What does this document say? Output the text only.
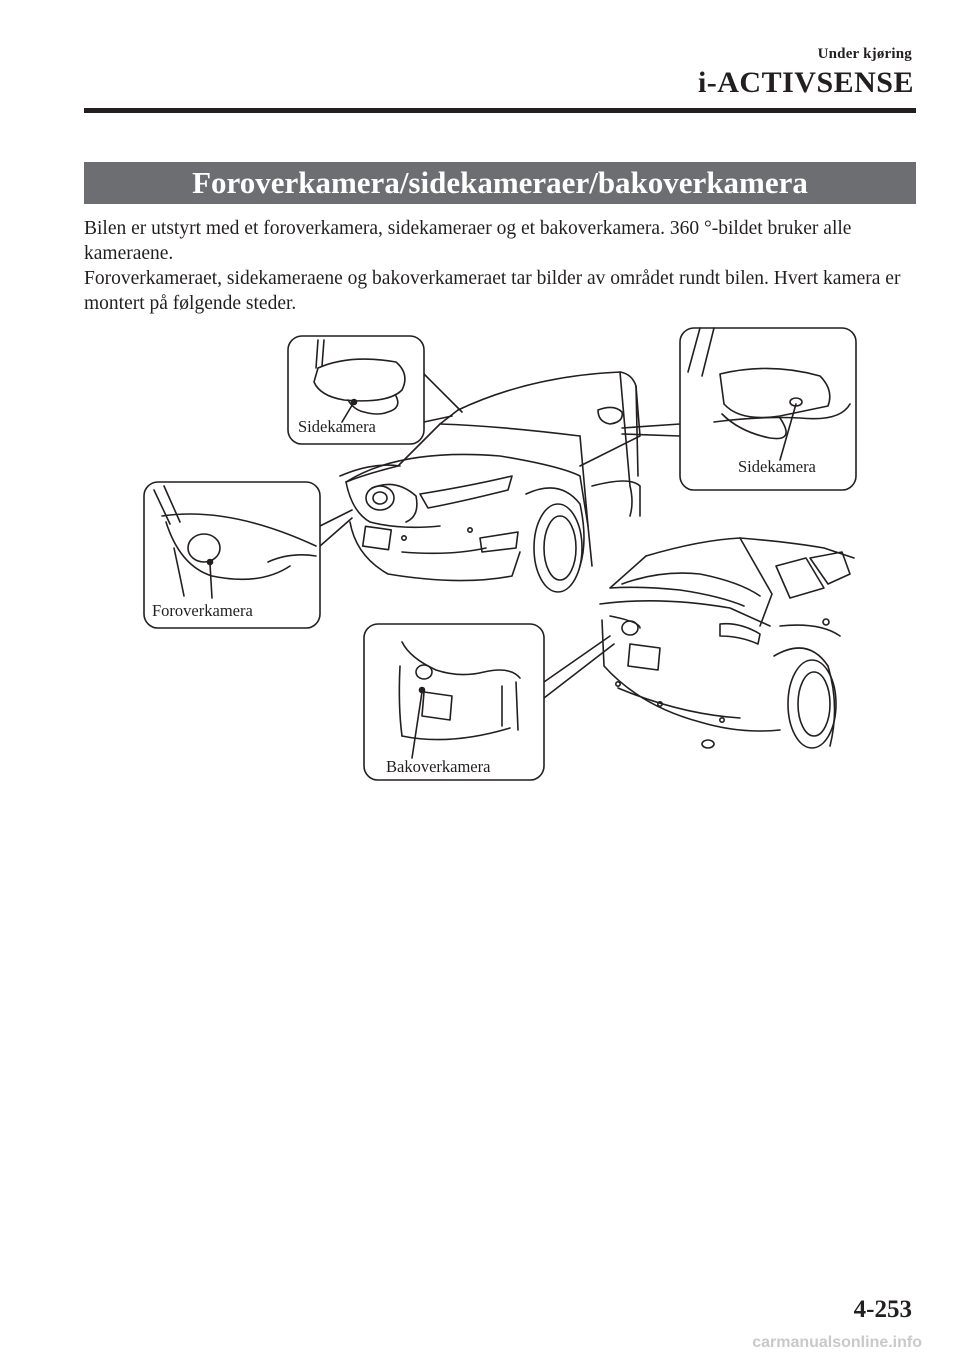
Under kjøring
i-ACTIVSENSE
Foroverkamera/sidekameraer/bakoverkamera

Bilen er utstyrt med et foroverkamera, sidekameraer og et bakoverkamera. 360 °-bildet bruker alle kameraene.

Foroverkameraet, sidekameraene og bakoverkameraet tar bilder av området rundt bilen. Hvert kamera er montert på følgende steder.

Sidekamera
Sidekamera
Foroverkamera
Bakoverkamera
4-253
carmanualsonline.info
